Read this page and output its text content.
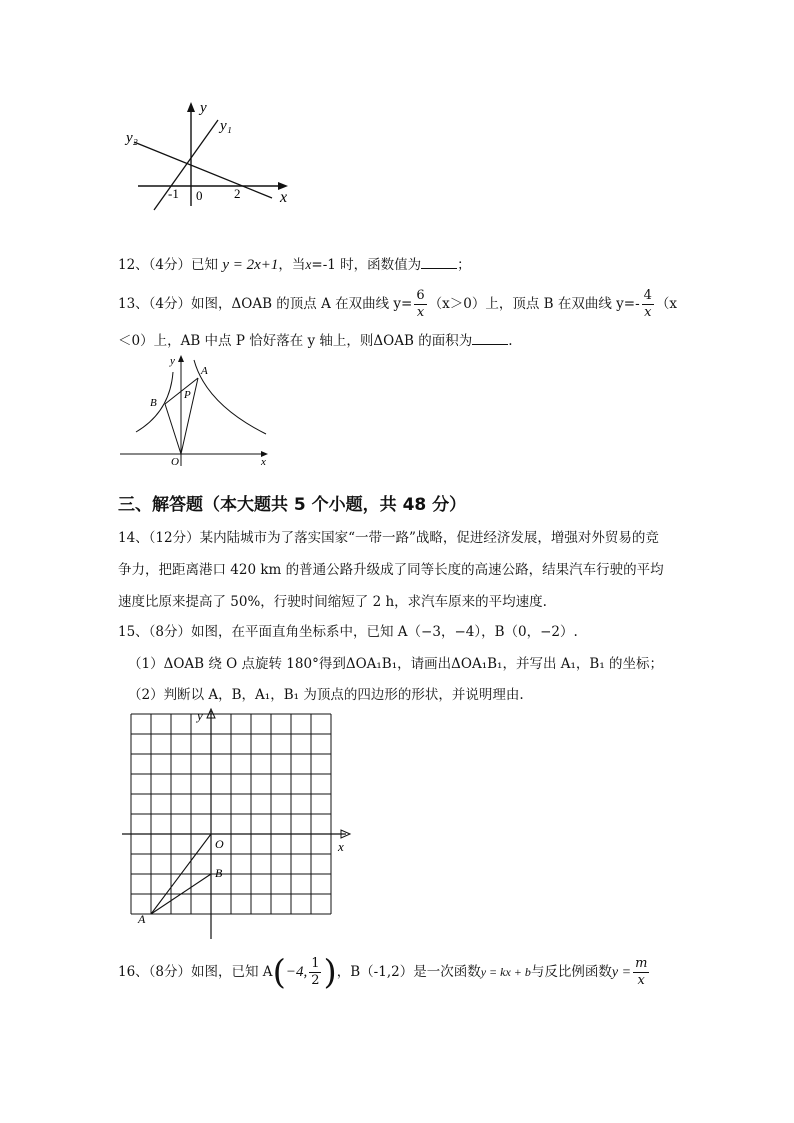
y
x
y₁
y₂
-1 0 2
12、（4分）已知 y = 2x+1，当x=-1 时，函数值为	；
13、（4分）如图，ΔOAB 的顶点 A 在双曲线 $y= \frac{6}{x} (x>0)$上，顶点 B 在双曲线 $y=- \frac{4}{x} (x$
＜0）上，AB 中点 P 恰好落在 y 轴上，则ΔOAB 的面积为	.
y
x
A
B
P
O
三、解答题（本大题共 5 个小题，共 48 分）
14、（12分）某内陆城市为了落实国家“一带一路”战略，促进经济发展，增强对外贸易的竞
争力，把距离港口 420 km 的普通公路升级成了同等长度的高速公路，结果汽车行驶的平均
速度比原来提高了 50%，行驶时间缩短了 2 h，求汽车原来的平均速度.
15、（8分）如图，在平面直角坐标系中，已知 A（−3，−4），B（0，−2）.
（1）ΔOAB 绕 O 点旋转 180°得到ΔOA₁B₁，请画出ΔOA₁B₁，并写出 A₁，B₁ 的坐标；
（2）判断以 A，B，A₁，B₁ 为顶点的四边形的形状，并说明理由.
y
x
O
A
B
16、（8分）如图，已知 A(−4, $\frac{1}{2}$ )，B（-1,2）是一次函数y = kx + b与反比例函数$y = \frac{m}{x}$
